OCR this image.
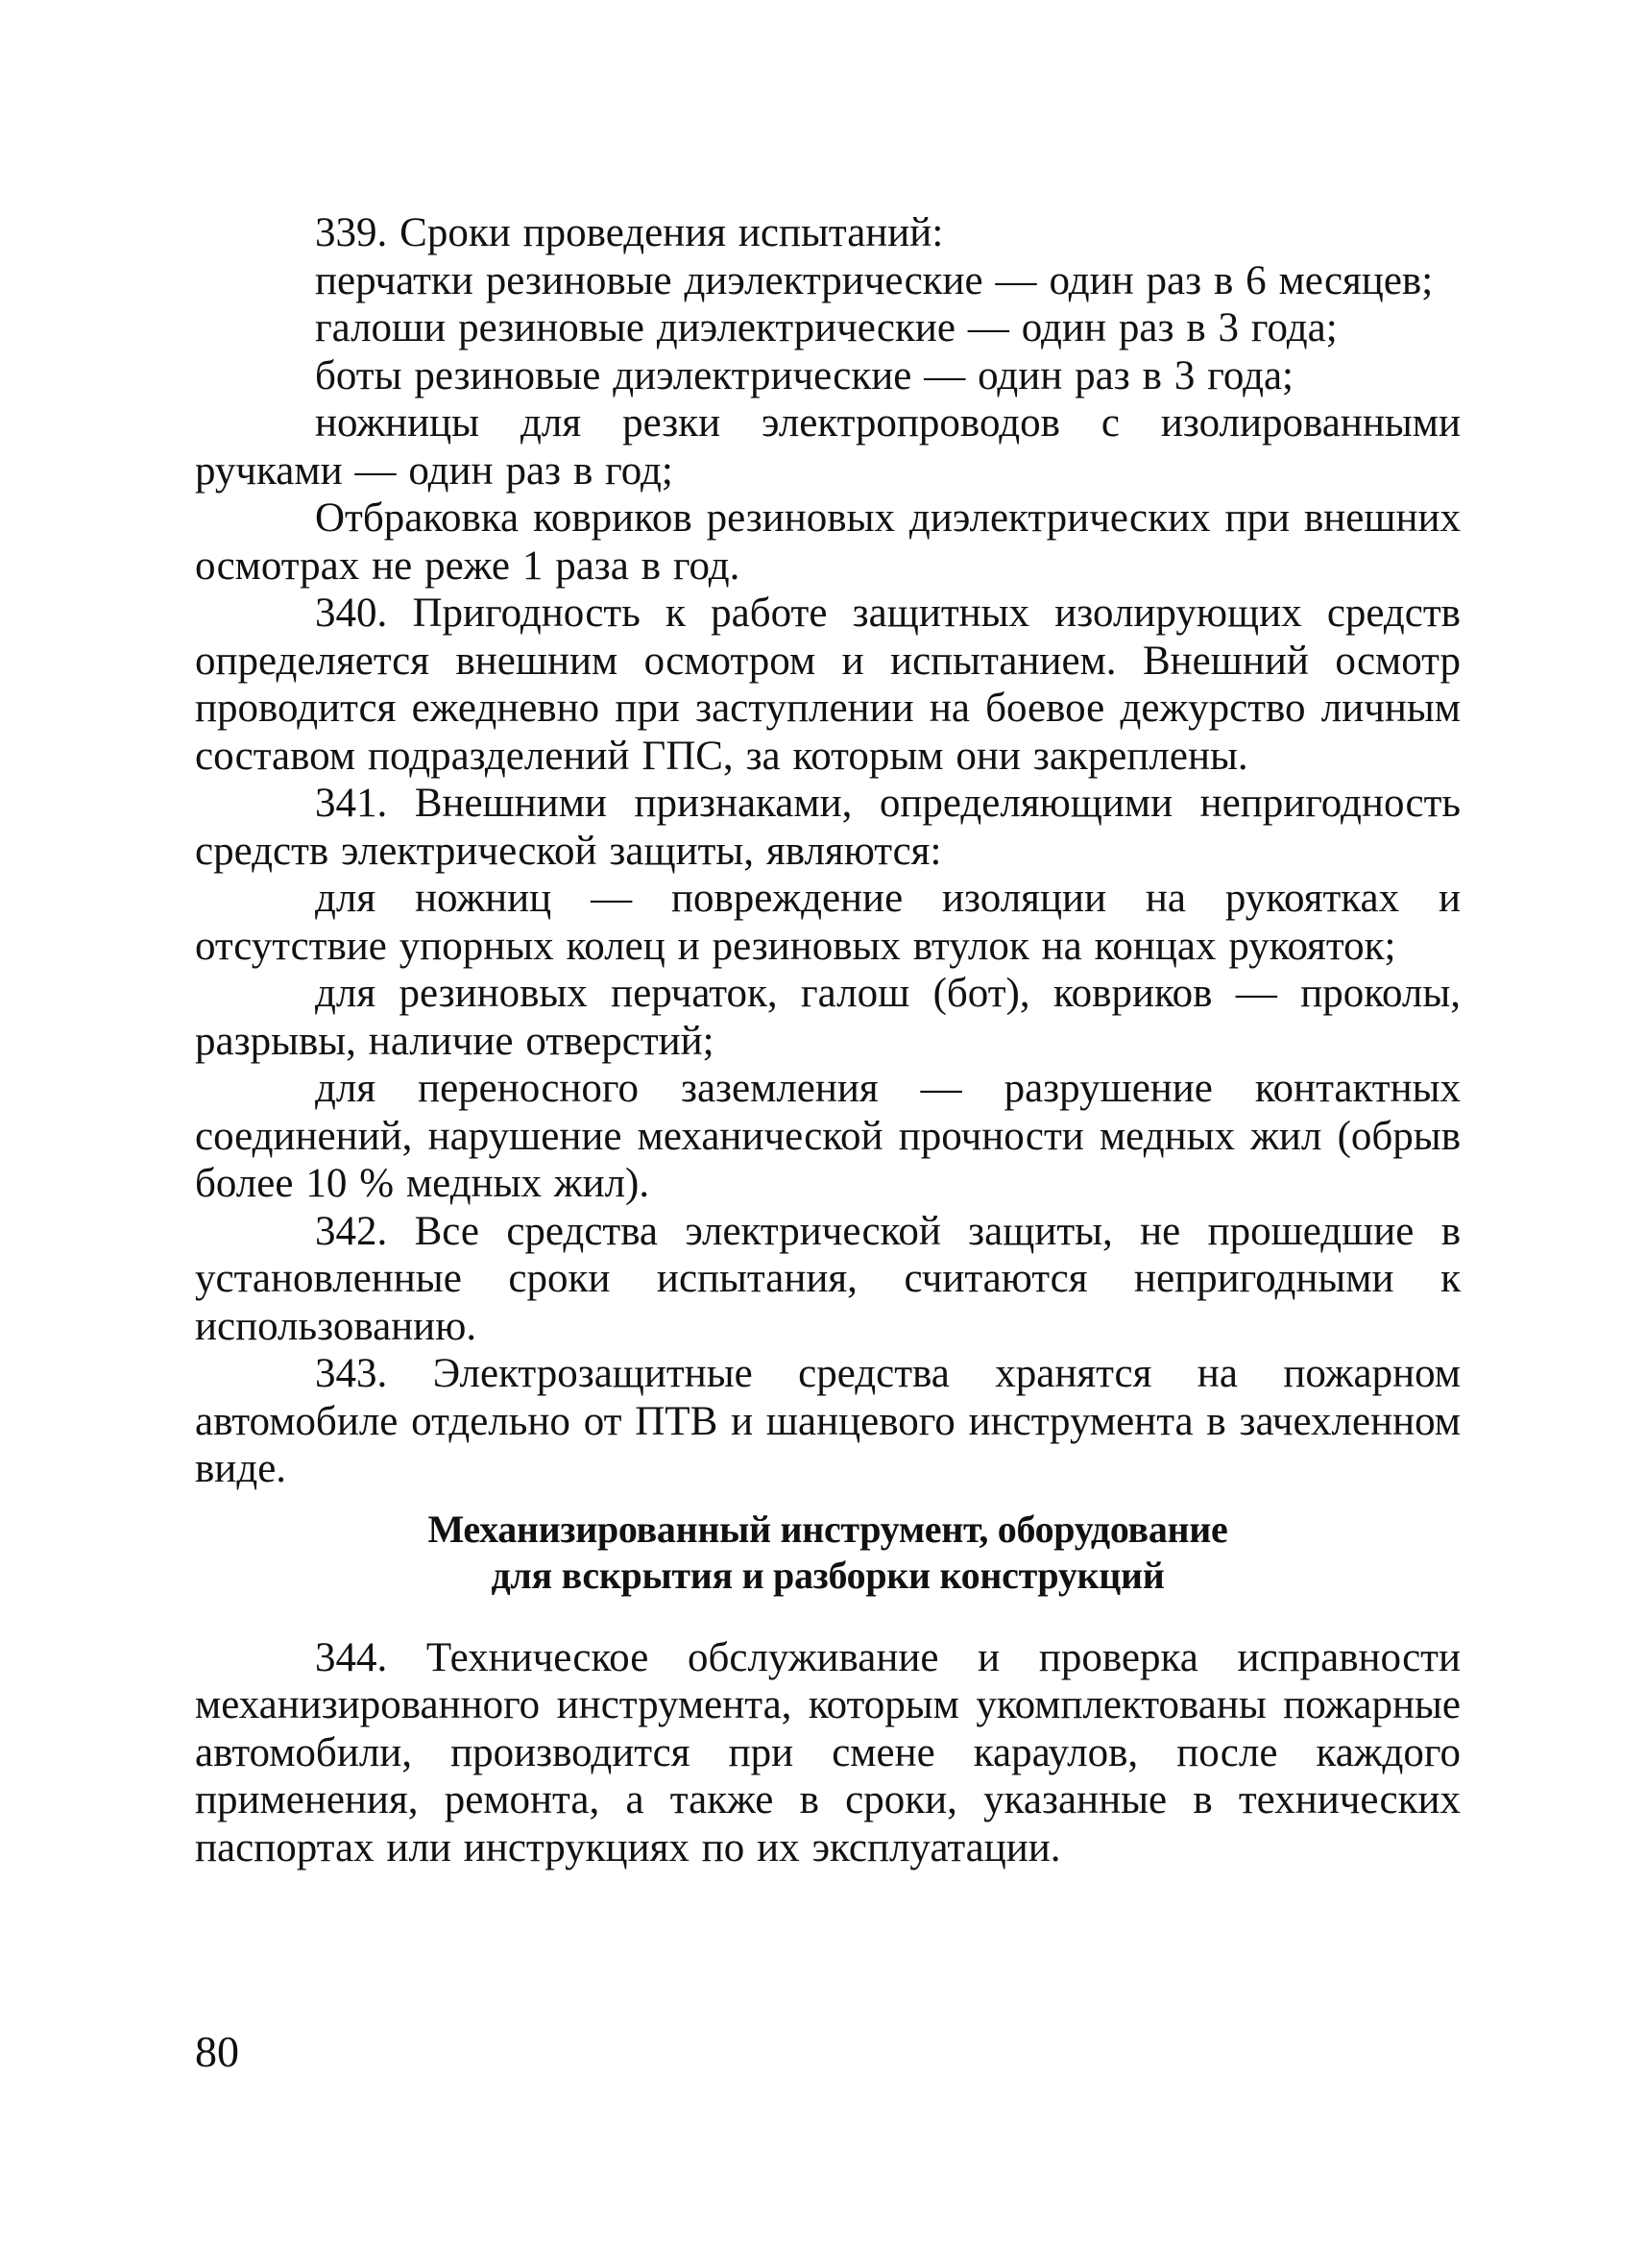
339. Сроки проведения испытаний:

перчатки резиновые диэлектрические — один раз в 6 месяцев;

галоши резиновые диэлектрические — один раз в 3 года;

боты резиновые диэлектрические — один раз в 3 года;

ножницы для резки электропроводов с изолированными ручками — один раз в год;

Отбраковка ковриков резиновых диэлектрических при внешних осмотрах не реже 1 раза в год.

340. Пригодность к работе защитных изолирующих средств определяется внешним осмотром и испытанием. Внешний осмотр проводится ежедневно при заступлении на боевое дежурство личным составом подразделений ГПС, за которым они закреплены.

341. Внешними признаками, определяющими непригодность средств электрической защиты, являются:

для ножниц — повреждение изоляции на рукоятках и отсутствие упорных колец и резиновых втулок на концах рукояток;

для резиновых перчаток, галош (бот), ковриков — проколы, разрывы, наличие отверстий;

для переносного заземления — разрушение контактных соединений, нарушение механической прочности медных жил (обрыв более 10 % медных жил).

342. Все средства электрической защиты, не прошедшие в установленные сроки испытания, считаются непригодными к использованию.

343. Электрозащитные средства хранятся на пожарном автомобиле отдельно от ПТВ и шанцевого инструмента в зачехленном виде.

Механизированный инструмент, оборудование
для вскрытия и разборки конструкций

344. Техническое обслуживание и проверка исправности механизированного инструмента, которым укомплектованы пожарные автомобили, производится при смене караулов, после каждого применения, ремонта, а также в сроки, указанные в технических паспортах или инструкциях по их эксплуатации.

80
